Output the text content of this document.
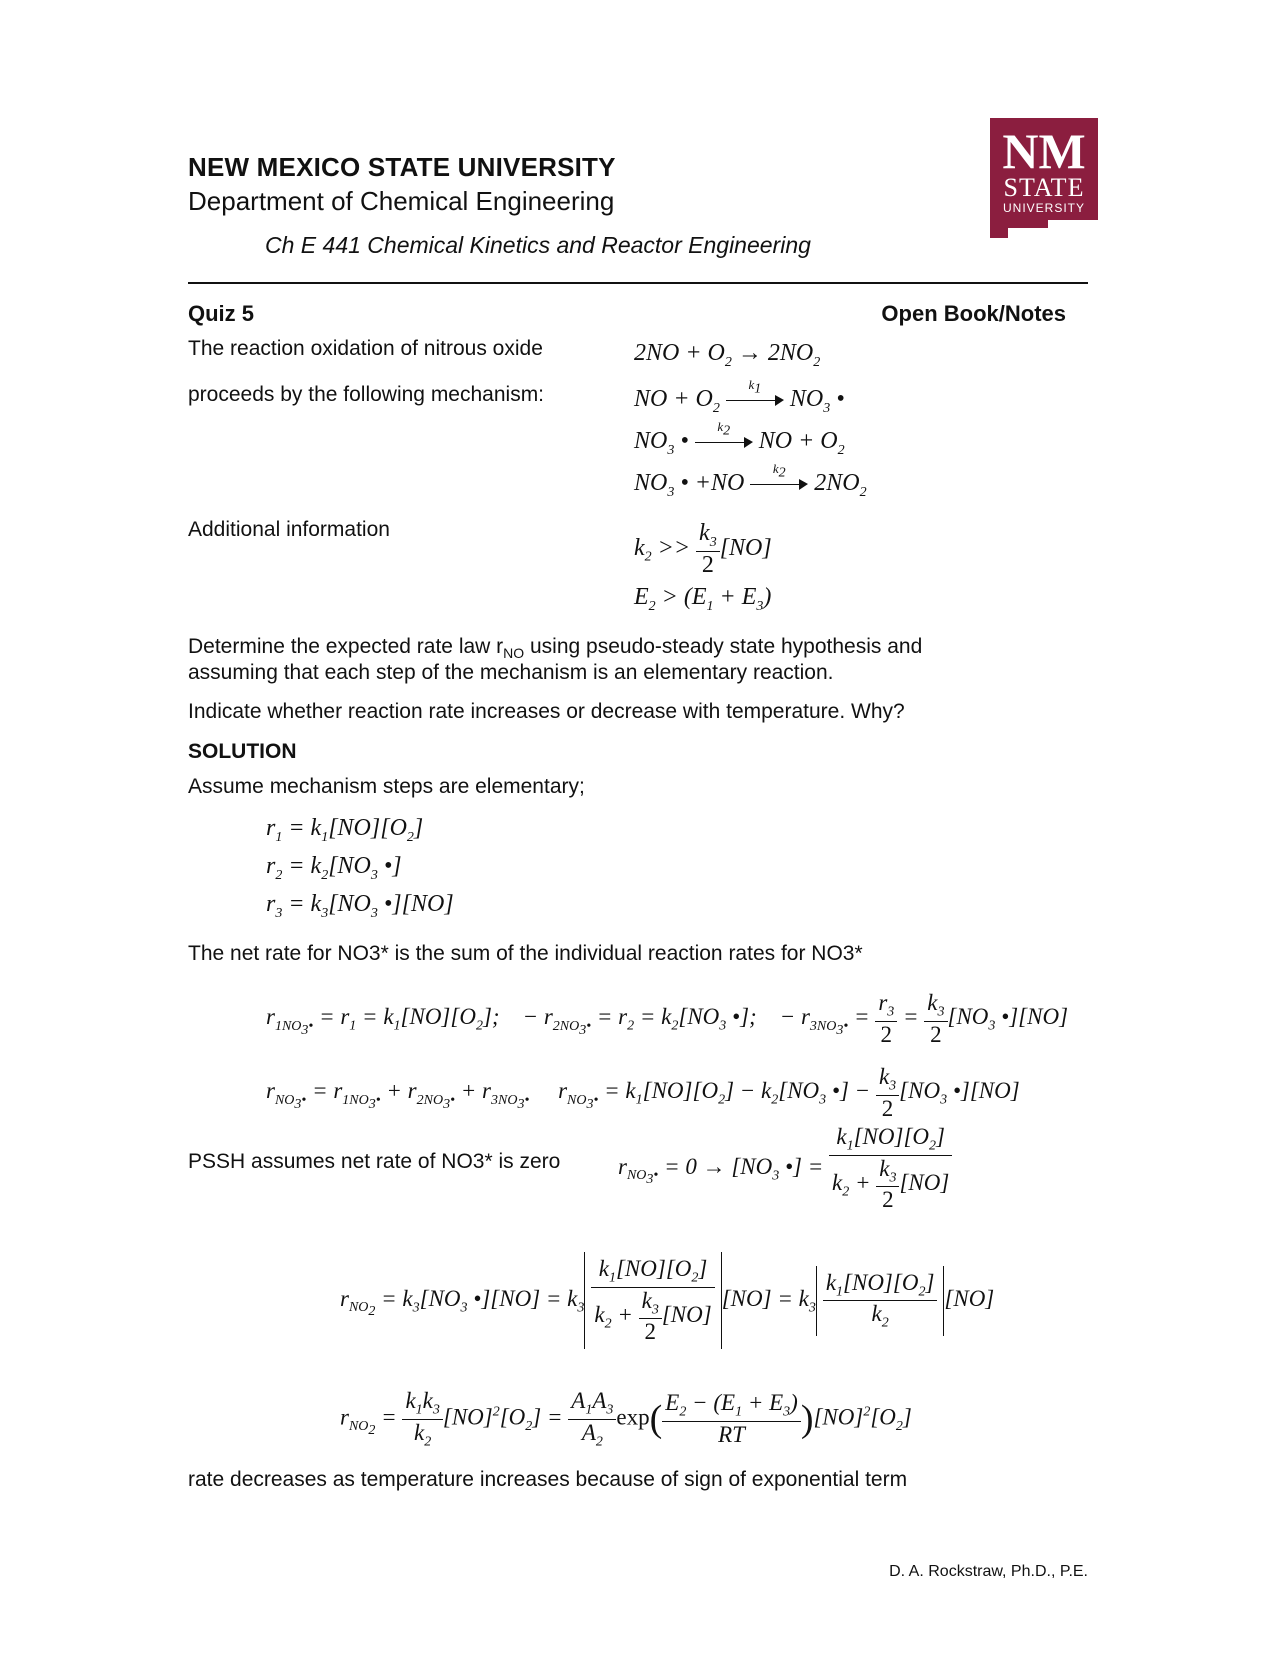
NEW MEXICO STATE UNIVERSITY
Department of Chemical Engineering
Ch E 441 Chemical Kinetics and Reactor Engineering
NM
STATE
UNIVERSITY
Quiz 5	Open Book/Notes
The reaction oxidation of nitrous oxide
proceeds by the following mechanism:
$2NO + O_2 \to 2NO_2$
NO + $O_2$
$k_1$ $NO_3$ •
$NO_3$ •
$k_2$ NO + $O_2$
$NO_3$ • +NO
$k_2$ $2NO_2$
Additional information
$k_2 >> \frac{k_3}{2} [NO]$
$E_2 > (E_1 + E_3)$
Determine the expected rate law $r_{NO}$ using pseudo-steady state hypothesis and
assuming that each step of the mechanism is an elementary reaction.
Indicate whether reaction rate increases or decrease with temperature. Why?
SOLUTION
Assume mechanism steps are elementary;
$r_1 = k_1[NO][O_2]$
$r_2 = k_2[NO_3$ •]
$r_3 = k_3[NO_3$ •][NO]
The net rate for NO3* is the sum of the individual reaction rates for NO3*
$r_{1NO_3•} = r_1 = k_1[NO][O_2]$;    − $r_{2NO_3•} = r_2 = k_2[NO_3$ •];    − $r_{3NO_3•} = \frac{r_3}{2} = \frac{k_3}{2} [NO_3$ •][NO]
$r_{NO_3•} = r_{1NO_3•} + r_{2NO_3•} + r_{3NO_3•}$     $r_{NO_3•} = k_1[NO][O_2] - k_2[NO_3$ •] − $\frac{k_3}{2} [NO_3$ •][NO]
PSSH assumes net rate of NO3* is zero	$r_{NO_3•} = 0 \to [NO_3$ •] = $\frac{k_1[NO][O_2]}{k_2 + \frac{k_3}{2} [NO]}$
$r_{NO_2} = k_3[NO_3$ •][NO] = $k_3 \frac{k_1[NO][O_2]}{k_2 + \frac{k_3}{2} [NO]} [NO] = k_3 \frac{k_1[NO][O_2]}{k_2} [NO]$
$r_{NO_2} = \frac{k_1k_3}{k_2} [NO]^2[O_2] = \frac{A_1A_3}{A_2} \exp( \frac{E_2 - (E_1 + E_3)}{RT} )[NO]^2[O_2]$
rate decreases as temperature increases because of sign of exponential term
D. A. Rockstraw, Ph.D., P.E.
